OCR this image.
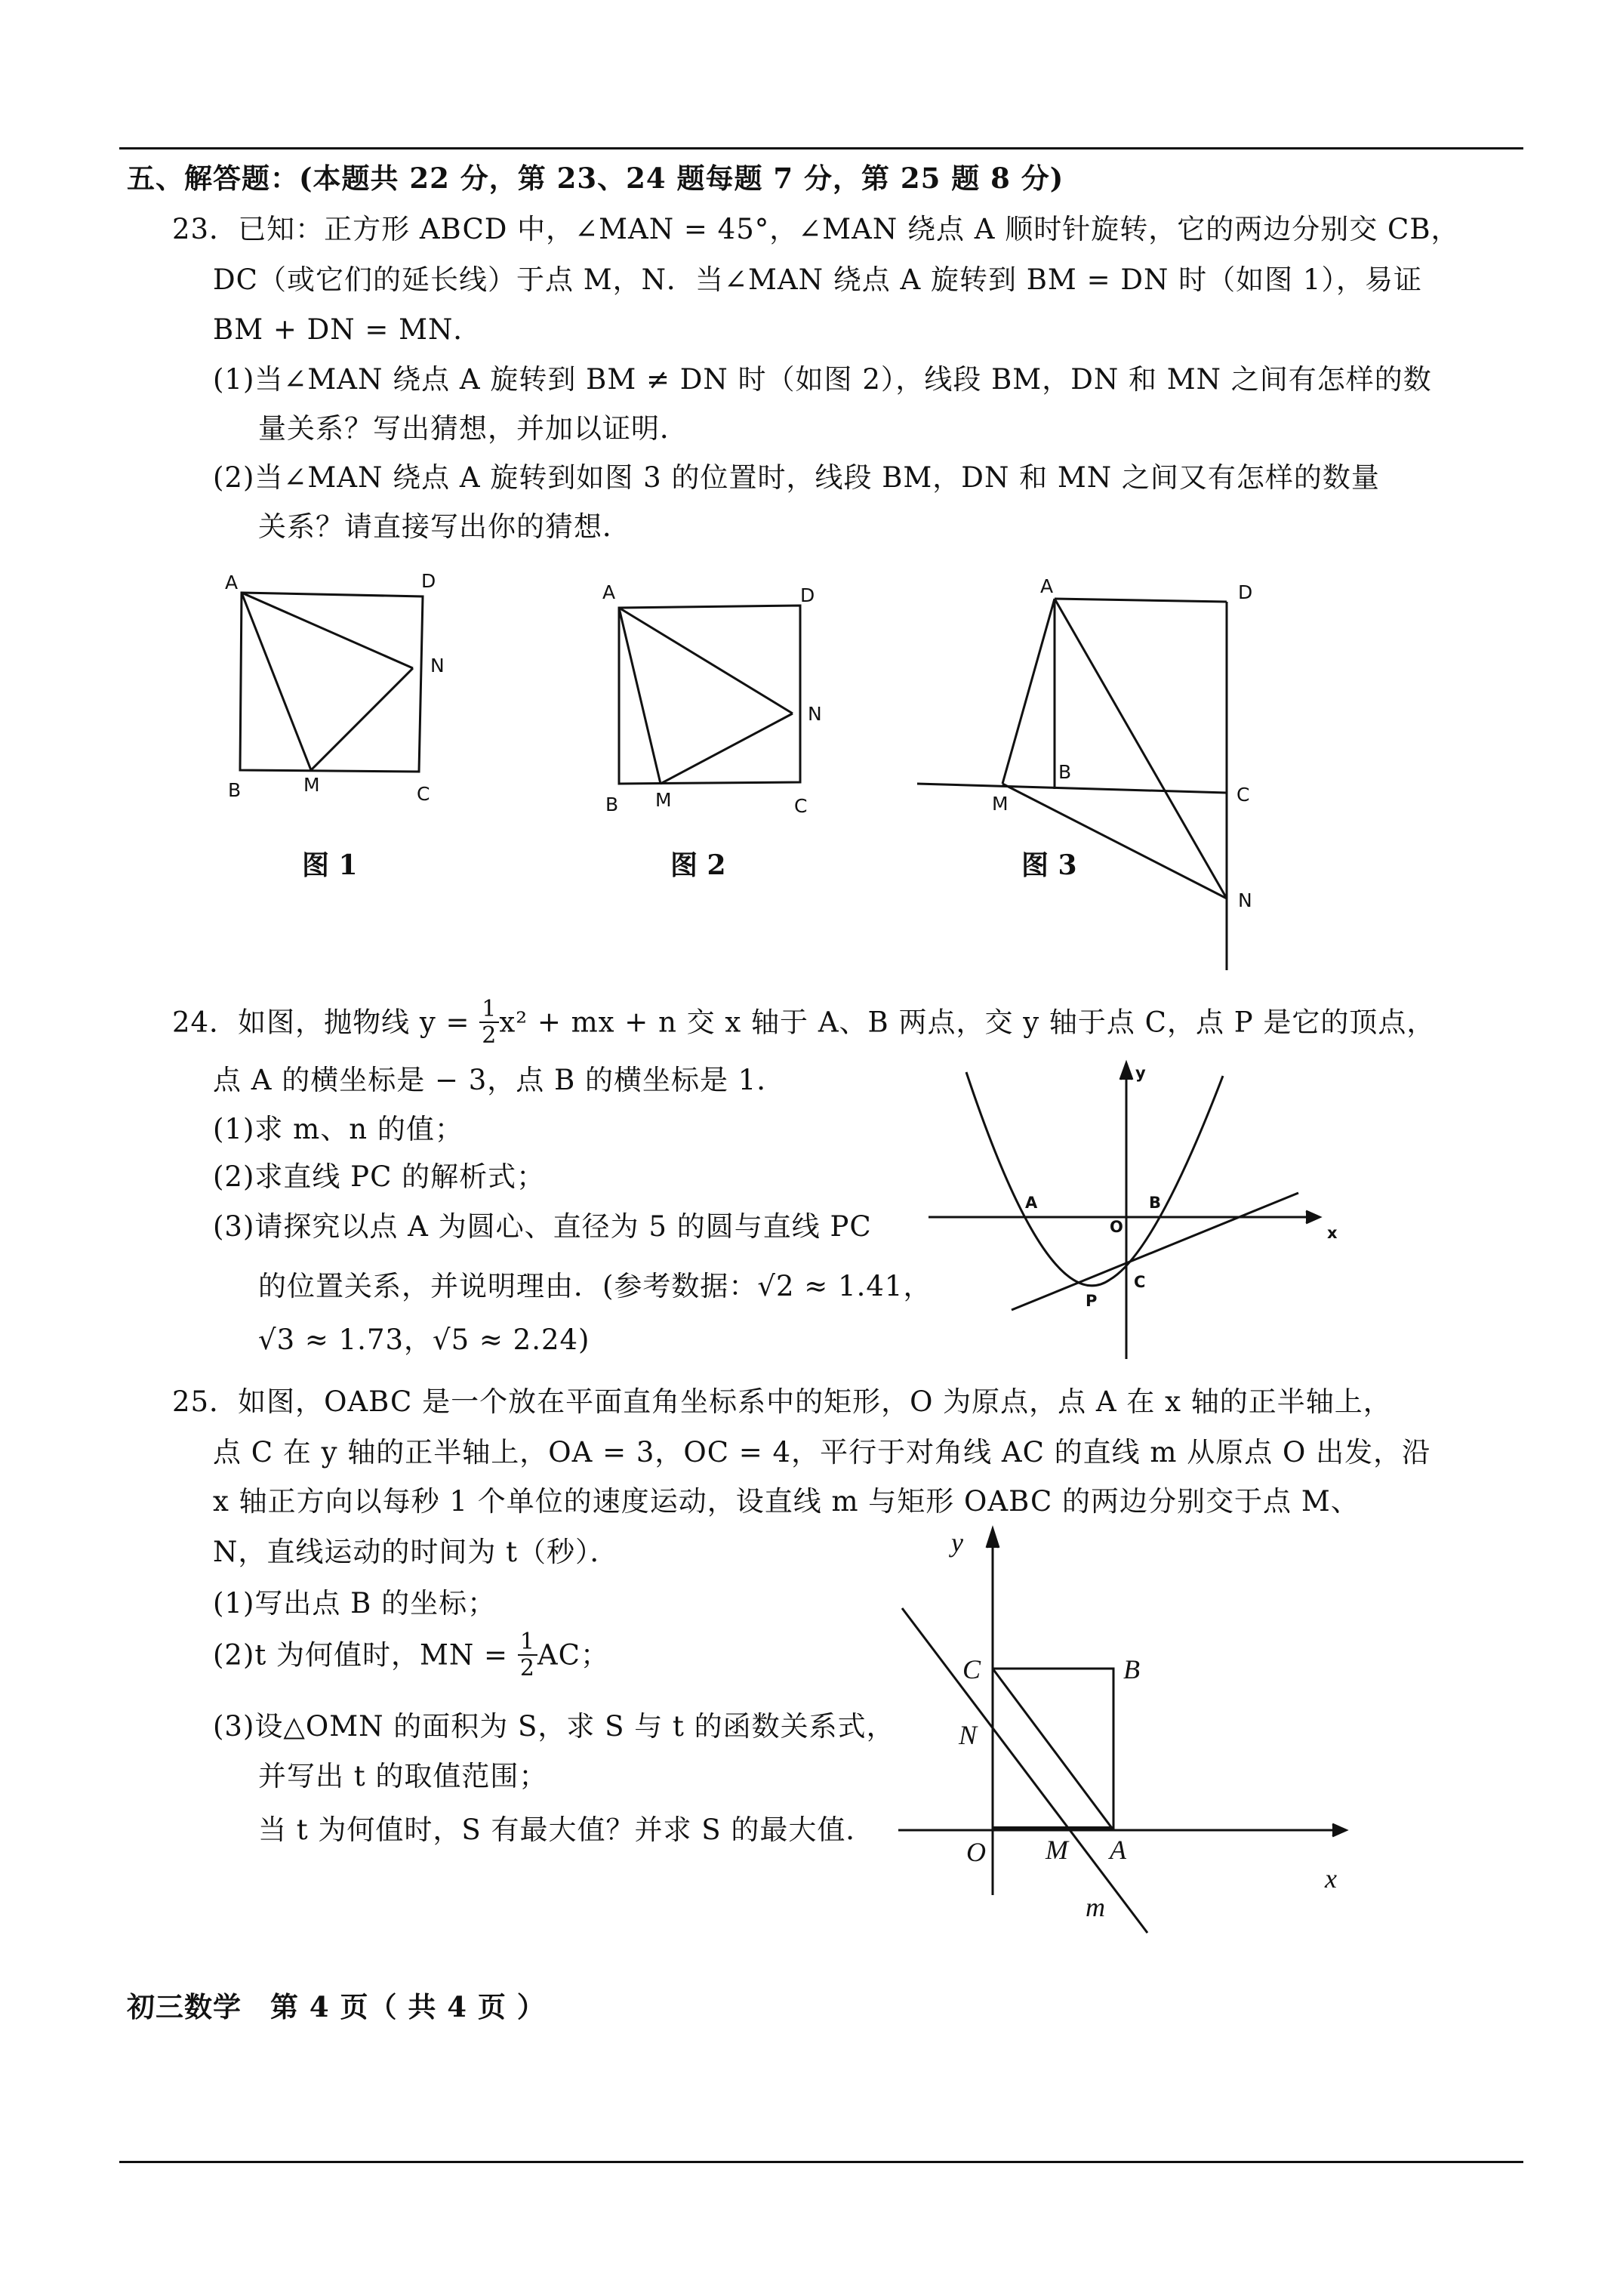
五、解答题：(本题共 22 分，第 23、24 题每题 7 分，第 25 题 8 分)
23．已知：正方形 ABCD 中，∠MAN = 45°，∠MAN 绕点 A 顺时针旋转，它的两边分别交 CB，
DC（或它们的延长线）于点 M，N．当∠MAN 绕点 A 旋转到 BM = DN 时（如图 1），易证
BM + DN = MN．
(1)当∠MAN 绕点 A 旋转到 BM ≠ DN 时（如图 2），线段 BM，DN 和 MN 之间有怎样的数
量关系？写出猜想，并加以证明．
(2)当∠MAN 绕点 A 旋转到如图 3 的位置时，线段 BM，DN 和 MN 之间又有怎样的数量
关系？请直接写出你的猜想．
A	D
N
B	M	C
图 1
A	D
N
B M	C
图 2
A	D
B
M	C
N
图 3
24．如图，抛物线 $y = \frac{1}{2} x^2$ + mx + n 交 x 轴于 A、B 两点，交 y 轴于点 C，点 P 是它的顶点，
点 A 的横坐标是 − 3，点 B 的横坐标是 1．
(1)求 m、n 的值；
(2)求直线 PC 的解析式；
(3)请探究以点 A 为圆心、直径为 5 的圆与直线 PC
的位置关系，并说明理由．(参考数据：√2 ≈ 1.41，
√3 ≈ 1.73，√5 ≈ 2.24)
y
x
A	B
O
P
C
25．如图，OABC 是一个放在平面直角坐标系中的矩形，O 为原点，点 A 在 x 轴的正半轴上，
点 C 在 y 轴的正半轴上，OA = 3，OC = 4，平行于对角线 AC 的直线 m 从原点 O 出发，沿
x 轴正方向以每秒 1 个单位的速度运动，设直线 m 与矩形 OABC 的两边分别交于点 M、
N，直线运动的时间为 t（秒）．
(1)写出点 B 的坐标；
(2)t 为何值时，MN = $\frac{1}{2}$ AC；
(3)设△OMN 的面积为 S，求 S 与 t 的函数关系式，
并写出 t 的取值范围；
当 t 为何值时，S 有最大值？并求 S 的最大值．
y
x
C	B
N
O M A
m
初三数学　第 4 页（ 共 4 页 ）
